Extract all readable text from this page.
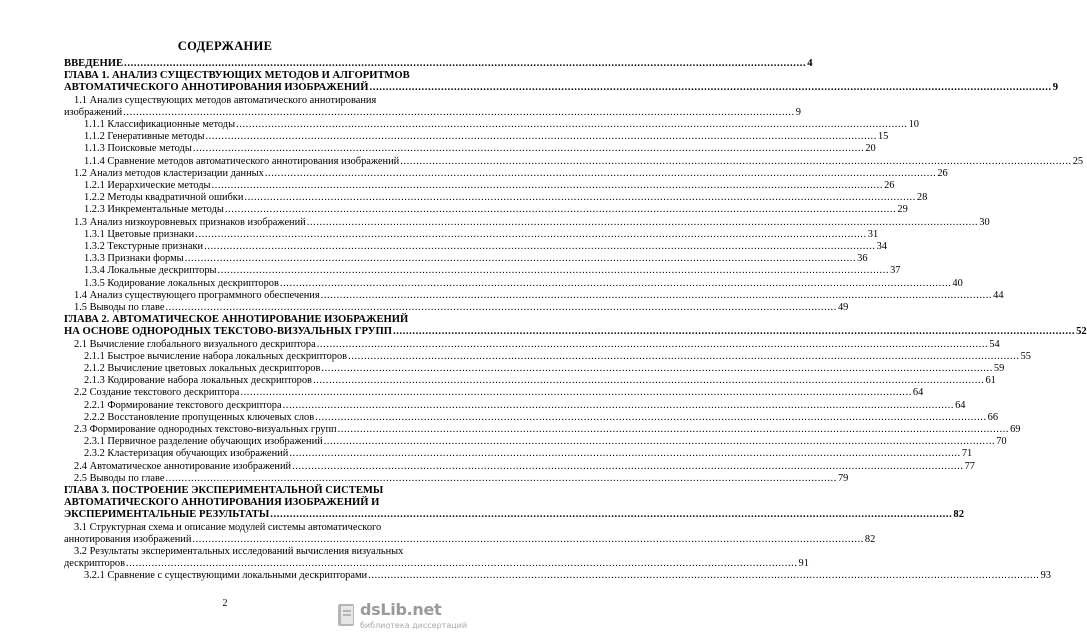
СОДЕРЖАНИЕ
ВВЕДЕНИЕ .....	4
ГЛАВА 1. АНАЛИЗ СУЩЕСТВУЮЩИХ МЕТОДОВ И АЛГОРИТМОВ
АВТОМАТИЧЕСКОГО АННОТИРОВАНИЯ ИЗОБРАЖЕНИЙ .....	9
1.1 Анализ существующих методов автоматического аннотирования
изображений .....	9
1.1.1 Классификационные методы .....	10
1.1.2 Генеративные методы .....	15
1.1.3 Поисковые методы .....	20
1.1.4 Сравнение методов автоматического аннотирования изображений .....	25
1.2 Анализ методов кластеризации данных .....	26
1.2.1 Иерархические методы .....	26
1.2.2 Методы квадратичной ошибки .....	28
1.2.3 Инкрементальные методы .....	29
1.3 Анализ низкоуровневых признаков изображений .....	30
1.3.1 Цветовые признаки .....	31
1.3.2 Текстурные признаки .....	34
1.3.3 Признаки формы .....	36
1.3.4 Локальные дескрипторы .....	37
1.3.5 Кодирование локальных дескрипторов .....	40
1.4 Анализ существующего программного обеспечения .....	44
1.5 Выводы по главе .....	49
ГЛАВА 2. АВТОМАТИЧЕСКОЕ АННОТИРОВАНИЕ ИЗОБРАЖЕНИЙ
НА ОСНОВЕ ОДНОРОДНЫХ ТЕКСТОВО-ВИЗУАЛЬНЫХ ГРУПП .....	52
2.1 Вычисление глобального визуального дескриптора .....	54
2.1.1 Быстрое вычисление набора локальных дескрипторов .....	55
2.1.2 Вычисление цветовых локальных дескрипторов .....	59
2.1.3 Кодирование набора локальных дескрипторов .....	61
2.2 Создание текстового дескриптора .....	64
2.2.1 Формирование текстового дескриптора .....	64
2.2.2 Восстановление пропущенных ключевых слов .....	66
2.3 Формирование однородных текстово-визуальных групп .....	69
2.3.1 Первичное разделение обучающих изображений .....	70
2.3.2 Кластеризация обучающих изображений .....	71
2.4 Автоматическое аннотирование изображений .....	77
2.5 Выводы по главе .....	79
ГЛАВА 3. ПОСТРОЕНИЕ ЭКСПЕРИМЕНТАЛЬНОЙ СИСТЕМЫ
АВТОМАТИЧЕСКОГО АННОТИРОВАНИЯ ИЗОБРАЖЕНИЙ И
ЭКСПЕРИМЕНТАЛЬНЫЕ РЕЗУЛЬТАТЫ .....	82
3.1 Структурная схема и описание модулей системы автоматического
аннотирования изображений .....	82
3.2 Результаты экспериментальных исследований вычисления визуальных
дескрипторов .....	91
3.2.1 Сравнение с существующими локальными дескрипторами .....	93
2	dsLib.net
библиотека диссертаций
